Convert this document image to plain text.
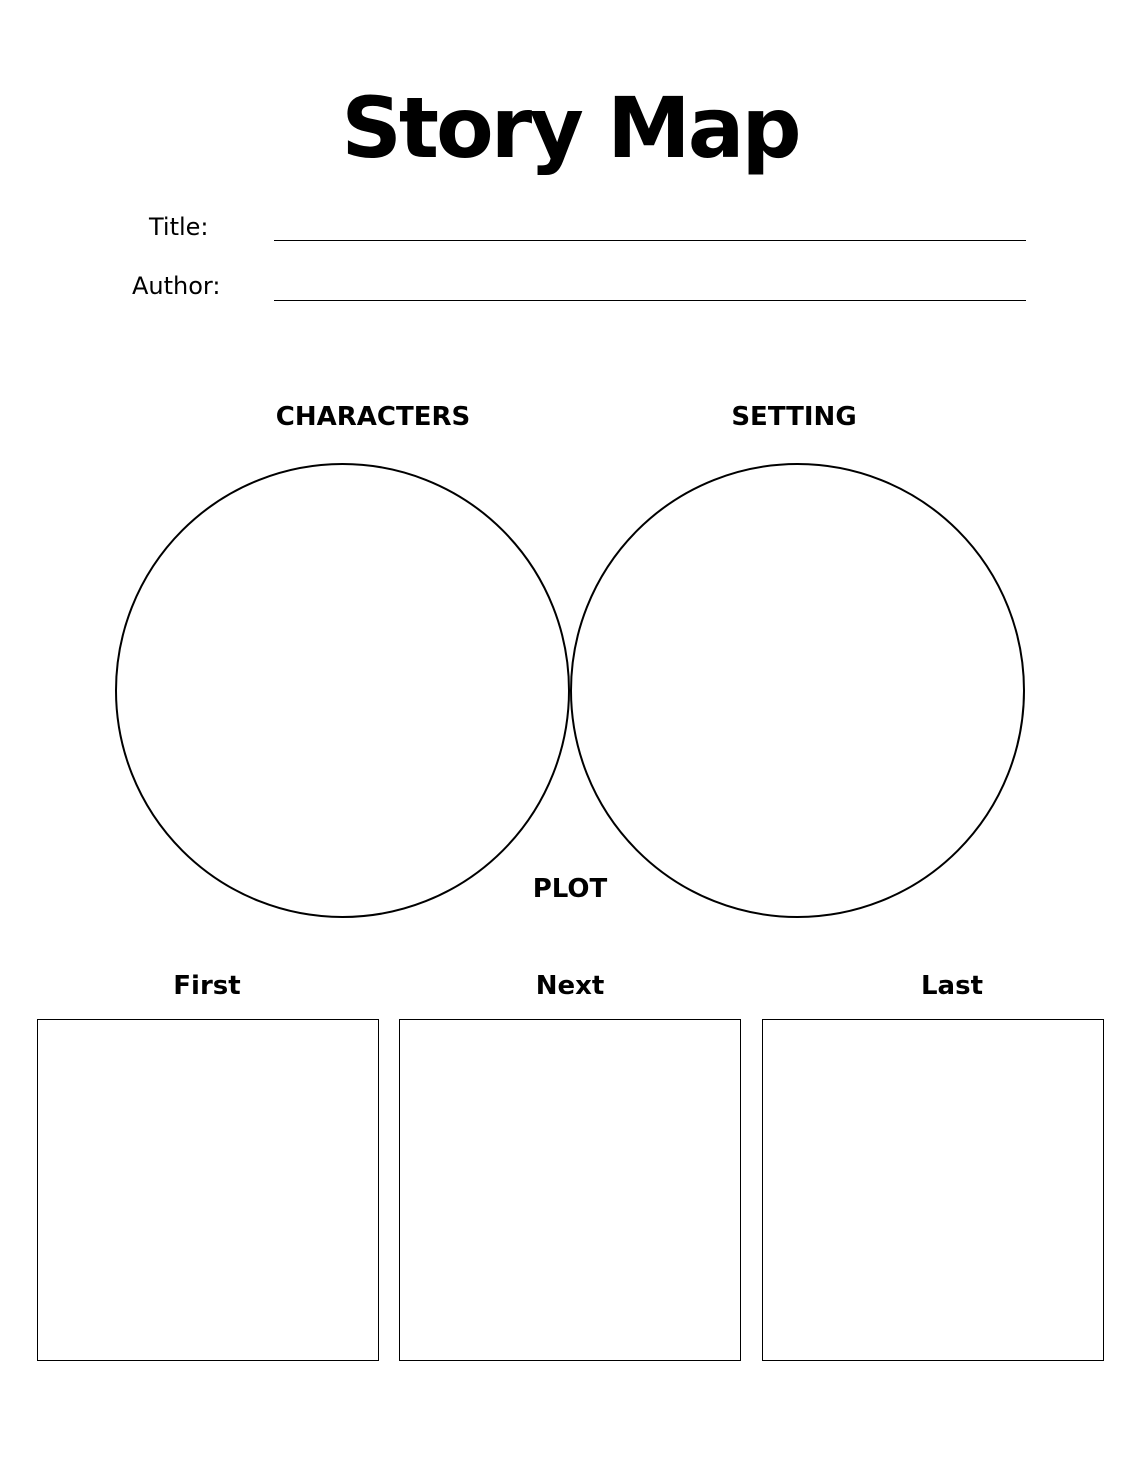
Story Map
Title:
Author:
CHARACTERS	SETTING
PLOT
First	Next	Last
